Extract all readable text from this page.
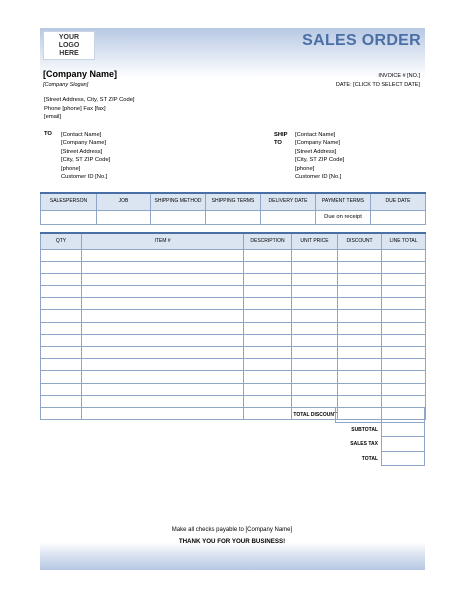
YOUR LOGO HERE
SALES ORDER
[Company Name]
[Company Slogan]
INVOICE # [NO.]
DATE: [CLICK TO SELECT DATE]
[Street Address, City, ST ZIP Code]
Phone [phone] Fax [fax]
[email]
TO [Contact Name]
[Company Name]
[Street Address]
[City, ST ZIP Code]
[phone]
Customer ID [No.]
SHIP
TO
[Contact Name]
[Company Name]
[Street Address]
[City, ST ZIP Code]
[phone]
Customer ID [No.]
SALESPERSON	JOB	SHIPPING METHOD	SHIPPING TERMS	DELIVERY DATE	PAYMENT TERMS	DUE DATE
					Due on receipt	
QTY	ITEM #	DESCRIPTION	UNIT PRICE	DISCOUNT	LINE TOTAL

TOTAL DISCOUNT
SUBTOTAL
SALES TAX
TOTAL
Make all checks payable to [Company Name]
THANK YOU FOR YOUR BUSINESS!
